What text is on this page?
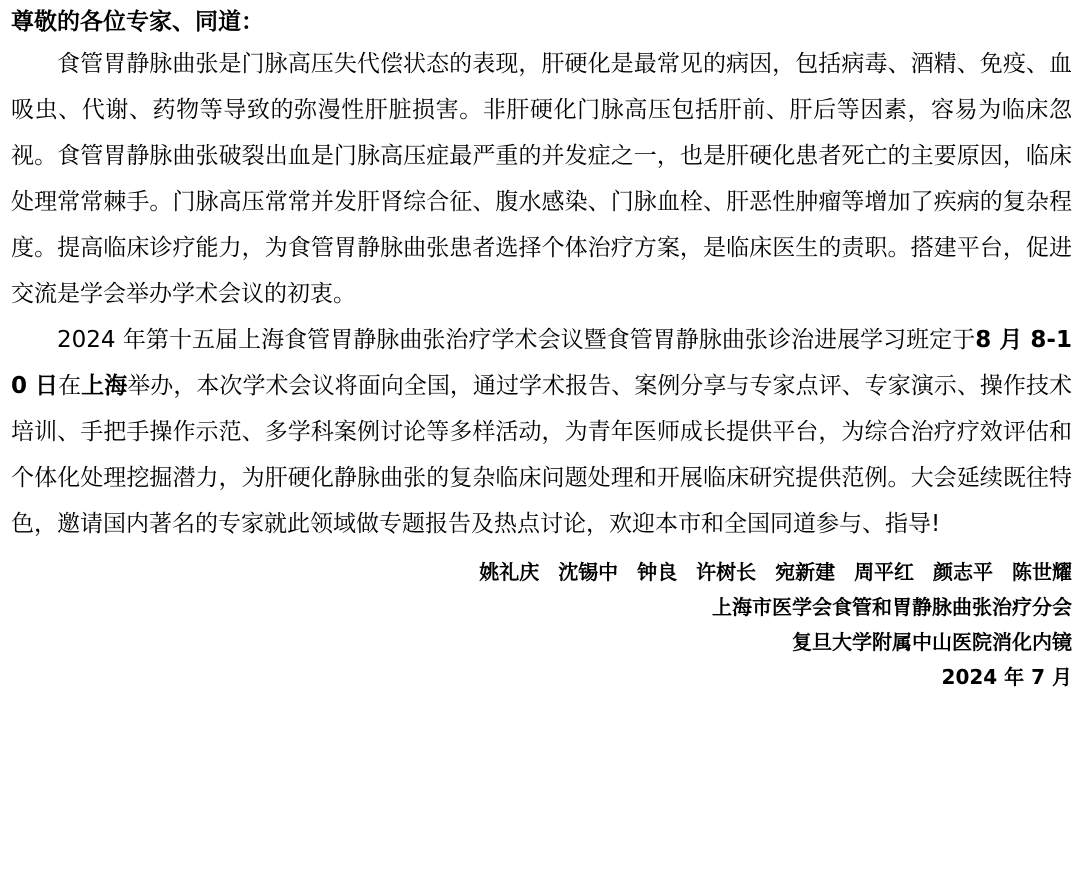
尊敬的各位专家、同道：

食管胃静脉曲张是门脉高压失代偿状态的表现，肝硬化是最常见的病因，包括病毒、酒精、免疫、血吸虫、代谢、药物等导致的弥漫性肝脏损害。非肝硬化门脉高压包括肝前、肝后等因素，容易为临床忽视。食管胃静脉曲张破裂出血是门脉高压症最严重的并发症之一，也是肝硬化患者死亡的主要原因，临床处理常常棘手。门脉高压常常并发肝肾综合征、腹水感染、门脉血栓、肝恶性肿瘤等增加了疾病的复杂程度。提高临床诊疗能力，为食管胃静脉曲张患者选择个体治疗方案，是临床医生的责职。搭建平台，促进交流是学会举办学术会议的初衷。

2024 年第十五届上海食管胃静脉曲张治疗学术会议暨食管胃静脉曲张诊治进展学习班定于8 月 8-10 日在上海举办，本次学术会议将面向全国，通过学术报告、案例分享与专家点评、专家演示、操作技术培训、手把手操作示范、多学科案例讨论等多样活动，为青年医师成长提供平台，为综合治疗疗效评估和个体化处理挖掘潜力，为肝硬化静脉曲张的复杂临床问题处理和开展临床研究提供范例。大会延续既往特色，邀请国内著名的专家就此领域做专题报告及热点讨论，欢迎本市和全国同道参与、指导!

姚礼庆 沈锡中 钟良 许树长 宛新建 周平红 颜志平 陈世耀

上海市医学会食管和胃静脉曲张治疗分会

复旦大学附属中山医院消化内镜

2024 年 7 月
